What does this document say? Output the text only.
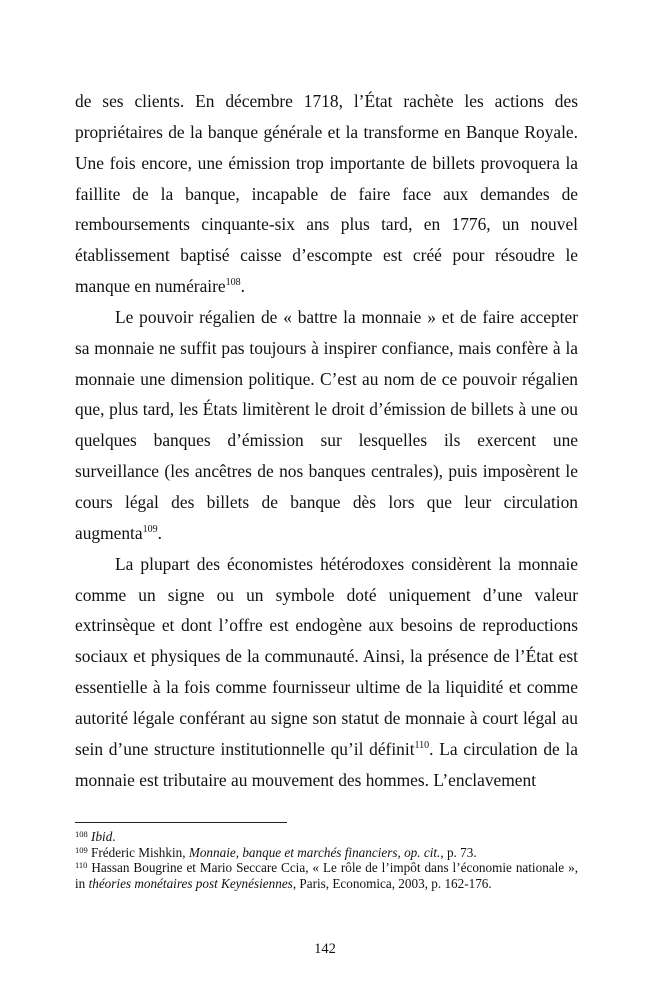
de ses clients. En décembre 1718, l’État rachète les actions des propriétaires de la banque générale et la transforme en Banque Royale. Une fois encore, une émission trop importante de billets provoquera la faillite de la banque, incapable de faire face aux demandes de remboursements cinquante-six ans plus tard, en 1776, un nouvel établissement baptisé caisse d’escompte est créé pour résoudre le manque en numéraire$^{108}$.

Le pouvoir régalien de « battre la monnaie » et de faire accepter sa monnaie ne suffit pas toujours à inspirer confiance, mais confère à la monnaie une dimension politique. C’est au nom de ce pouvoir régalien que, plus tard, les États limitèrent le droit d’émission de billets à une ou quelques banques d’émission sur lesquelles ils exercent une surveillance (les ancêtres de nos banques centrales), puis imposèrent le cours légal des billets de banque dès lors que leur circulation augmenta$^{109}$.

La plupart des économistes hétérodoxes considèrent la monnaie comme un signe ou un symbole doté uniquement d’une valeur extrinsèque et dont l’offre est endogène aux besoins de reproductions sociaux et physiques de la communauté. Ainsi, la présence de l’État est essentielle à la fois comme fournisseur ultime de la liquidité et comme autorité légale conférant au signe son statut de monnaie à court légal au sein d’une structure institutionnelle qu’il définit$^{110}$. La circulation de la monnaie est tributaire au mouvement des hommes. L’enclavement

$^{108}$ Ibid.

$^{109}$ Fréderic Mishkin, Monnaie, banque et marchés financiers, op. cit., p. 73.

$^{110}$ Hassan Bougrine et Mario Seccare Ccia, « Le rôle de l’impôt dans l’économie nationale », in théories monétaires post Keynésiennes, Paris, Economica, 2003, p. 162-176.

142
